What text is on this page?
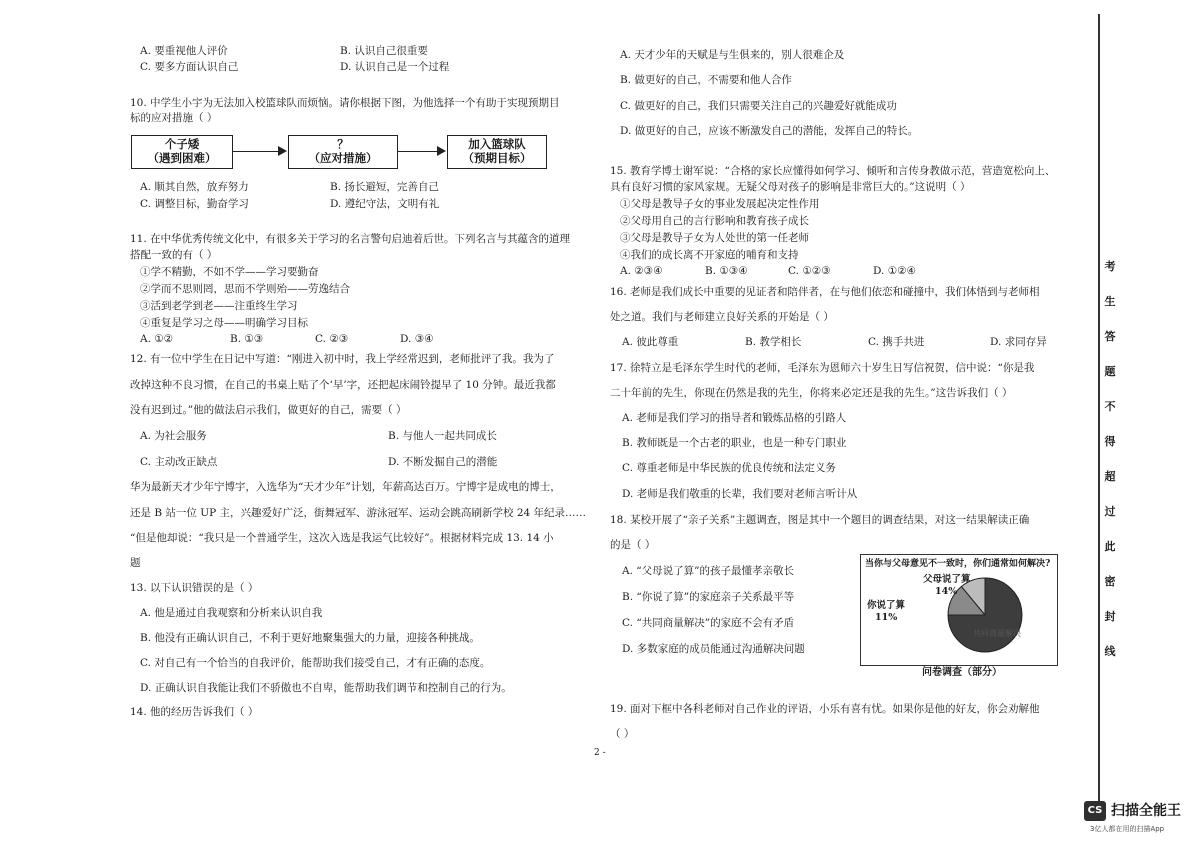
A. 要重视他人评价	B. 认识自己很重要
C. 要多方面认识自己	D. 认识自己是一个过程
10. 中学生小宇为无法加入校篮球队而烦恼。请你根据下图，为他选择一个有助于实现预期目
标的应对措施（ ）
个子矮
（遇到困难）
？
（应对措施）
加入篮球队
（预期目标）
A. 顺其自然，放弃努力	B. 扬长避短，完善自己
C. 调整目标，勤奋学习	D. 遵纪守法，文明有礼
11. 在中华优秀传统文化中，有很多关于学习的名言警句启迪着后世。下列名言与其蕴含的道理
搭配一致的有（ ）
①学不精勤，不如不学——学习要勤奋
②学而不思则罔，思而不学则殆——劳逸结合
③活到老学到老——注重终生学习
④重复是学习之母——明确学习目标
A. ①②	B. ①③	C. ②③	D. ③④
12. 有一位中学生在日记中写道：“刚进入初中时，我上学经常迟到，老师批评了我。我为了
改掉这种不良习惯，在自己的书桌上贴了个‘早’字，还把起床闹铃提早了 10 分钟。最近我都
没有迟到过。”他的做法启示我们，做更好的自己，需要（ ）
A. 为社会服务	B. 与他人一起共同成长
C. 主动改正缺点	D. 不断发掘自己的潜能
华为最新天才少年宁博宇，入选华为“天才少年”计划，年薪高达百万。宁博宇是成电的博士，
还是 B 站一位 UP 主，兴趣爱好广泛，街舞冠军、游泳冠军、运动会跳高刷新学校 24 年纪录……
“但是他却说：“我只是一个普通学生，这次入选是我运气比较好”。根据材料完成 13. 14 小
题
13. 以下认识错误的是（ ）
A. 他是通过自我观察和分析来认识自我
B. 他没有正确认识自己，不利于更好地聚集强大的力量，迎接各种挑战。
C. 对自己有一个恰当的自我评价，能帮助我们接受自己，才有正确的态度。
D. 正确认识自我能让我们不骄傲也不自卑，能帮助我们调节和控制自己的行为。
14. 他的经历告诉我们（ ）
A. 天才少年的天赋是与生俱来的，别人很难企及
B. 做更好的自己，不需要和他人合作
C. 做更好的自己，我们只需要关注自己的兴趣爱好就能成功
D. 做更好的自己，应该不断激发自己的潜能，发挥自己的特长。
15. 教育学博士谢军说：“合格的家长应懂得如何学习、倾听和言传身教做示范，营造宽松向上、
具有良好习惯的家风家规。无疑父母对孩子的影响是非常巨大的。”这说明（ ）
①父母是教导子女的事业发展起决定性作用
②父母用自己的言行影响和教育孩子成长
③父母是教导子女为人处世的第一任老师
④我们的成长离不开家庭的哺育和支持
A. ②③④	B. ①③④	C. ①②③	D. ①②④
16. 老师是我们成长中重要的见证者和陪伴者，在与他们依恋和碰撞中，我们体悟到与老师相
处之道。我们与老师建立良好关系的开始是（ ）
A. 彼此尊重	B. 教学相长	C. 携手共进	D. 求同存异
17. 徐特立是毛泽东学生时代的老师，毛泽东为恩师六十岁生日写信祝贺，信中说：“你是我
二十年前的先生，你现在仍然是我的先生，你将来必定还是我的先生。”这告诉我们（ ）
A. 老师是我们学习的指导者和锻炼品格的引路人
B. 教师既是一个古老的职业，也是一种专门职业
C. 尊重老师是中华民族的优良传统和法定义务
D. 老师是我们敬重的长辈，我们要对老师言听计从
18. 某校开展了“亲子关系”主题调查，图是其中一个题目的调查结果，对这一结果解读正确
的是（ ）
A. “父母说了算”的孩子最懂孝亲敬长
B. “你说了算”的家庭亲子关系最平等
C. “共同商量解决”的家庭不会有矛盾
D. 多数家庭的成员能通过沟通解决问题
当你与父母意见不一致时，你们通常如何解决?
父母说了算
14%
你说了算
11%
共同商量解决
问卷调查（部分）
19. 面对下框中各科老师对自己作业的评语，小乐有喜有忧。如果你是他的好友，你会劝解他
（ ）
2 -
考
生
答
题
不
得
超
过
此
密
封
线
CS 扫描全能王
3亿人都在用的扫描App
